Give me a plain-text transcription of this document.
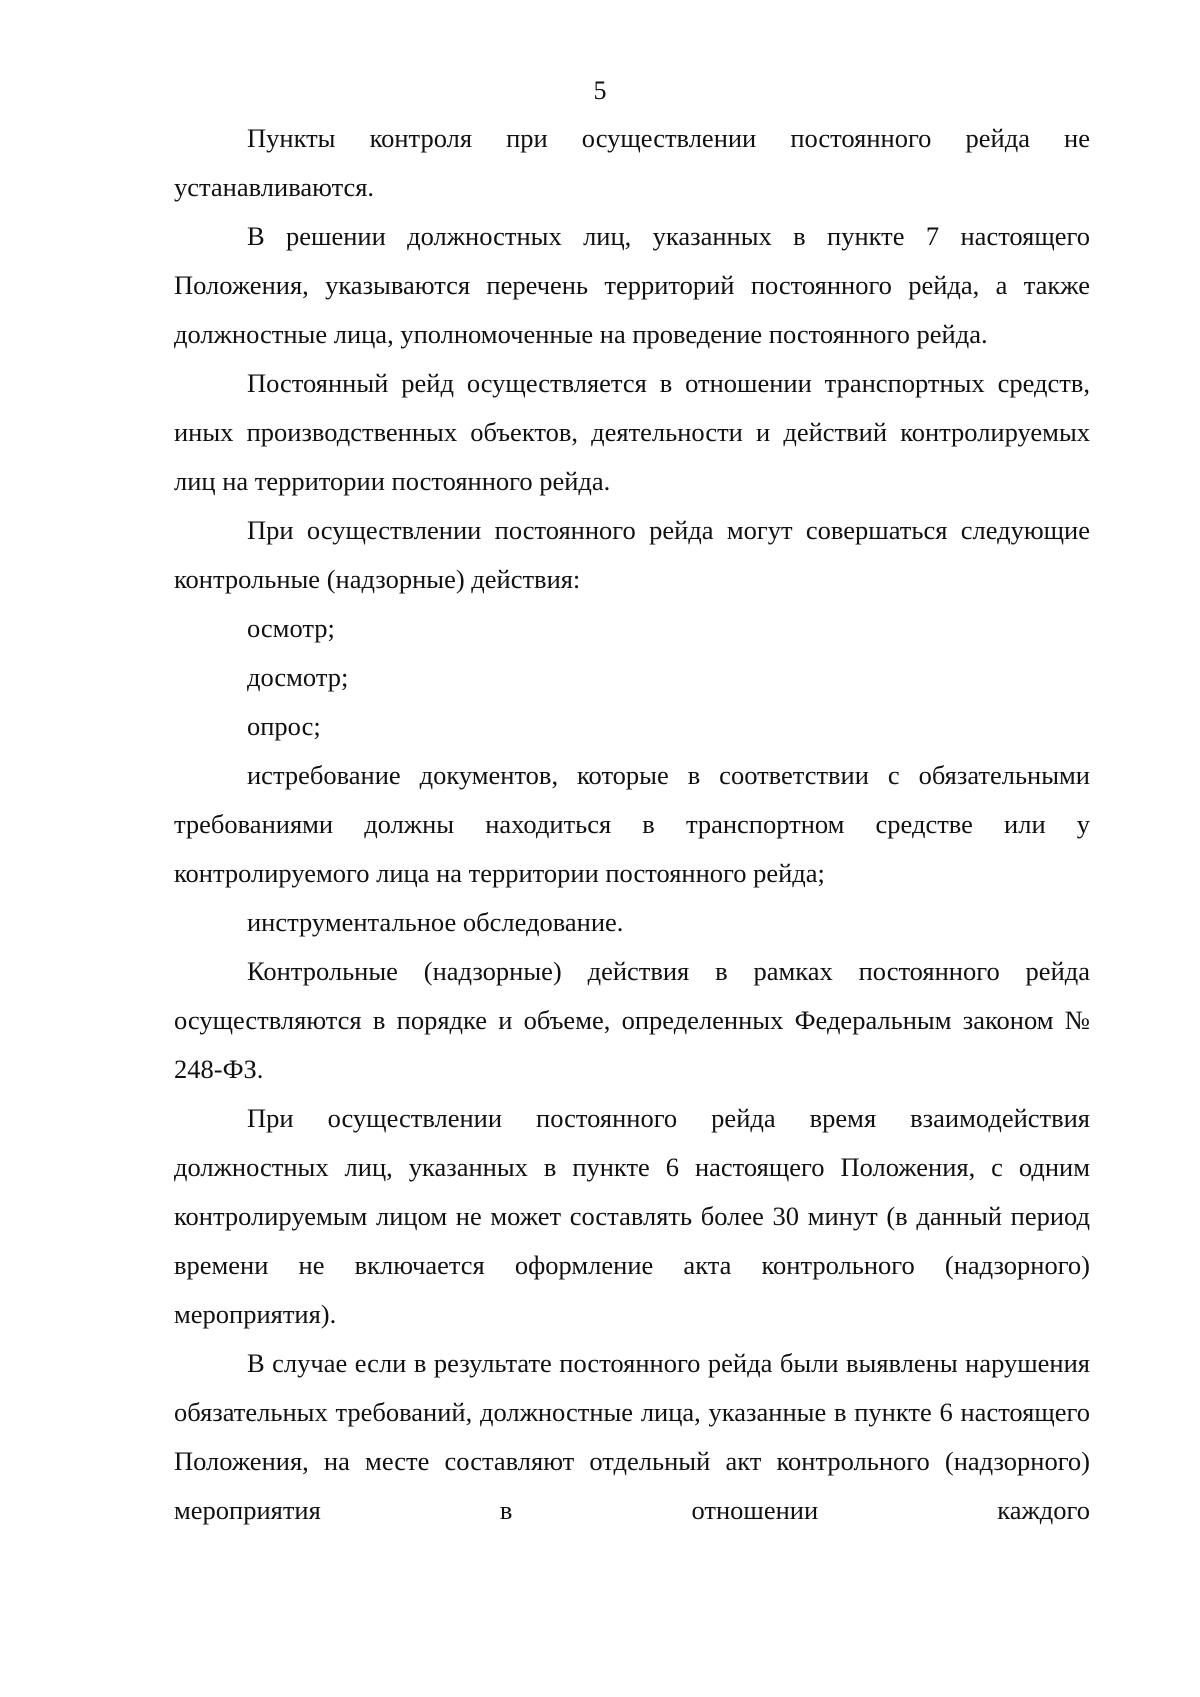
5

Пункты контроля при осуществлении постоянного рейда не устанавливаются.

В решении должностных лиц, указанных в пункте 7 настоящего Положения, указываются перечень территорий постоянного рейда, а также должностные лица, уполномоченные на проведение постоянного рейда.

Постоянный рейд осуществляется в отношении транспортных средств, иных производственных объектов, деятельности и действий контролируемых лиц на территории постоянного рейда.

При осуществлении постоянного рейда могут совершаться следующие контрольные (надзорные) действия:

осмотр;

досмотр;

опрос;

истребование документов, которые в соответствии с обязательными требованиями должны находиться в транспортном средстве или у контролируемого лица на территории постоянного рейда;

инструментальное обследование.

Контрольные (надзорные) действия в рамках постоянного рейда осуществляются в порядке и объеме, определенных Федеральным законом № 248-ФЗ.

При осуществлении постоянного рейда время взаимодействия должностных лиц, указанных в пункте 6 настоящего Положения, с одним контролируемым лицом не может составлять более 30 минут (в данный период времени не включается оформление акта контрольного (надзорного) мероприятия).

В случае если в результате постоянного рейда были выявлены нарушения обязательных требований, должностные лица, указанные в пункте 6 настоящего Положения, на месте составляют отдельный акт контрольного (надзорного) мероприятия в отношении каждого
